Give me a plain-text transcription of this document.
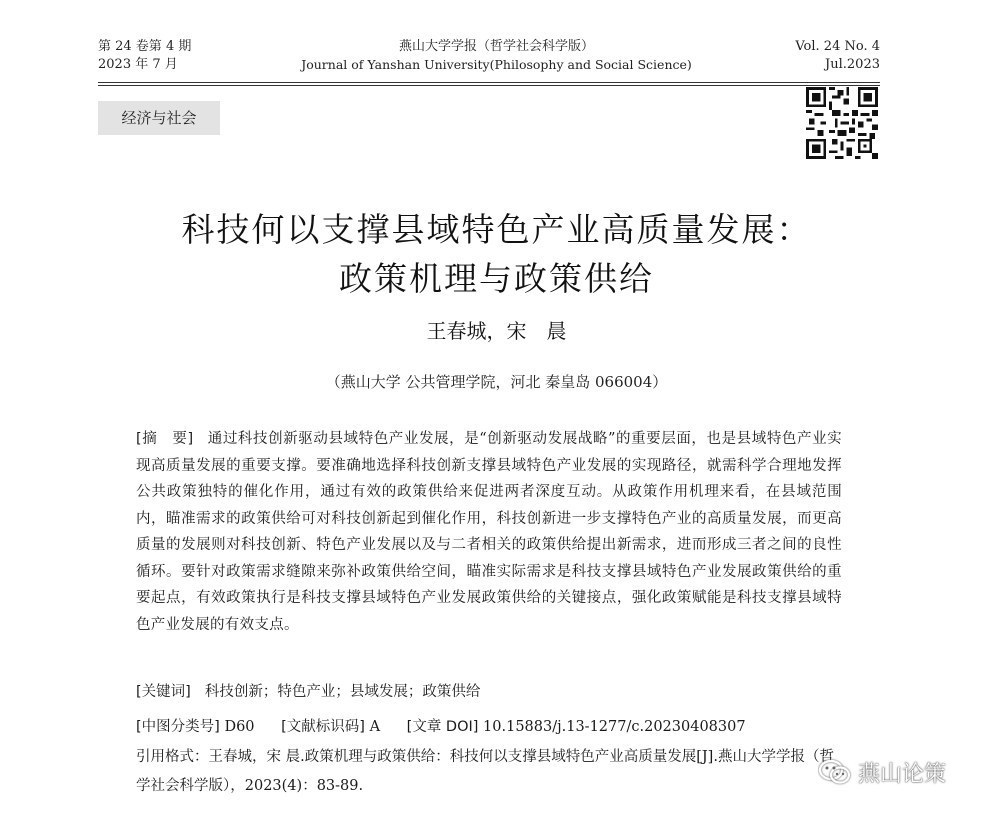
第 24 卷第 4 期
2023 年 7 月
燕山大学学报（哲学社会科学版）
Journal of Yanshan University(Philosophy and Social Science)
Vol. 24 No. 4
Jul.2023
经济与社会
科技何以支撑县域特色产业高质量发展：
政策机理与政策供给
王春城，宋　晨
（燕山大学 公共管理学院，河北 秦皇岛 066004）
[摘　要] 通过科技创新驱动县域特色产业发展，是“创新驱动发展战略”的重要层面，也是县域特色产业实现高质量发展的重要支撑。要准确地选择科技创新支撑县域特色产业发展的实现路径，就需科学合理地发挥公共政策独特的催化作用，通过有效的政策供给来促进两者深度互动。从政策作用机理来看，在县域范围内，瞄准需求的政策供给可对科技创新起到催化作用，科技创新进一步支撑特色产业的高质量发展，而更高质量的发展则对科技创新、特色产业发展以及与二者相关的政策供给提出新需求，进而形成三者之间的良性循环。要针对政策需求缝隙来弥补政策供给空间，瞄准实际需求是科技支撑县域特色产业发展政策供给的重要起点，有效政策执行是科技支撑县域特色产业发展政策供给的关键接点，强化政策赋能是科技支撑县域特色产业发展的有效支点。
[关键词] 科技创新；特色产业；县域发展；政策供给
[中图分类号] D60 [文献标识码] A [文章 DOI] 10.15883/j.13-1277/c.20230408307
引用格式：王春城，宋 晨.政策机理与政策供给：科技何以支撑县域特色产业高质量发展[J].燕山大学学报（哲学社会科学版），2023(4)：83-89.	燕山论策
